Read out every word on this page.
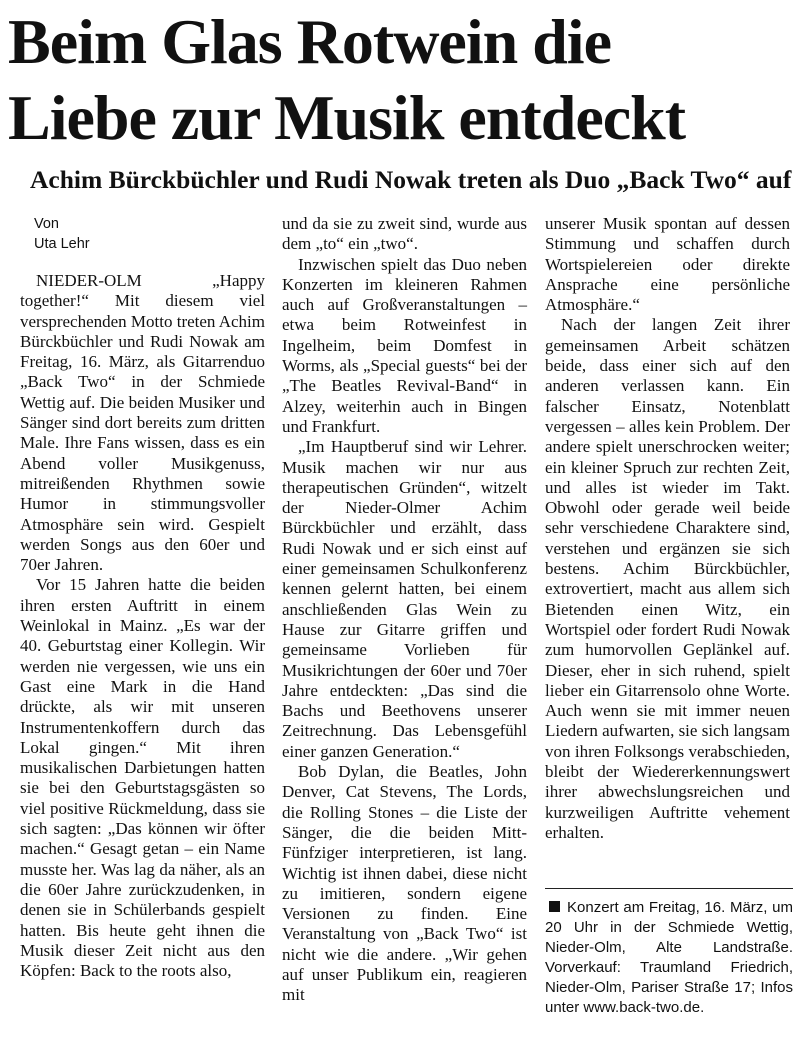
Beim Glas Rotwein die
Liebe zur Musik entdeckt
Achim Bürckbüchler und Rudi Nowak treten als Duo „Back Two“ auf
Von
Uta Lehr

NIEDER-OLM „Happy together!“ Mit diesem viel versprechenden Motto treten Achim Bürckbüchler und Rudi Nowak am Freitag, 16. März, als Gitarrenduo „Back Two“ in der Schmiede Wettig auf. Die beiden Musiker und Sänger sind dort bereits zum dritten Male. Ihre Fans wissen, dass es ein Abend voller Musikgenuss, mitreißenden Rhythmen sowie Humor in stimmungsvoller Atmosphäre sein wird. Gespielt werden Songs aus den 60er und 70er Jahren.

Vor 15 Jahren hatte die beiden ihren ersten Auftritt in einem Weinlokal in Mainz. „Es war der 40. Geburtstag einer Kollegin. Wir werden nie vergessen, wie uns ein Gast eine Mark in die Hand drückte, als wir mit unseren Instrumentenkoffern durch das Lokal gingen.“ Mit ihren musikalischen Darbietungen hatten sie bei den Geburtstagsgästen so viel positive Rückmeldung, dass sie sich sagten: „Das können wir öfter machen.“ Gesagt getan – ein Name musste her. Was lag da näher, als an die 60er Jahre zurückzudenken, in denen sie in Schülerbands gespielt hatten. Bis heute geht ihnen die Musik dieser Zeit nicht aus den Köpfen: Back to the roots also,

und da sie zu zweit sind, wurde aus dem „to“ ein „two“.

Inzwischen spielt das Duo neben Konzerten im kleineren Rahmen auch auf Großveranstaltungen – etwa beim Rotweinfest in Ingelheim, beim Domfest in Worms, als „Special guests“ bei der „The Beatles Revival-Band“ in Alzey, weiterhin auch in Bingen und Frankfurt.

„Im Hauptberuf sind wir Lehrer. Musik machen wir nur aus therapeutischen Gründen“, witzelt der Nieder-Olmer Achim Bürckbüchler und erzählt, dass Rudi Nowak und er sich einst auf einer gemeinsamen Schulkonferenz kennen gelernt hatten, bei einem anschließenden Glas Wein zu Hause zur Gitarre griffen und gemeinsame Vorlieben für Musikrichtungen der 60er und 70er Jahre entdeckten: „Das sind die Bachs und Beethovens unserer Zeitrechnung. Das Lebensgefühl einer ganzen Generation.“

Bob Dylan, die Beatles, John Denver, Cat Stevens, The Lords, die Rolling Stones – die Liste der Sänger, die die beiden Mitt-Fünfziger interpretieren, ist lang. Wichtig ist ihnen dabei, diese nicht zu imitieren, sondern eigene Versionen zu finden. Eine Veranstaltung von „Back Two“ ist nicht wie die andere. „Wir gehen auf unser Publikum ein, reagieren mit

unserer Musik spontan auf dessen Stimmung und schaffen durch Wortspielereien oder direkte Ansprache eine persönliche Atmosphäre.“

Nach der langen Zeit ihrer gemeinsamen Arbeit schätzen beide, dass einer sich auf den anderen verlassen kann. Ein falscher Einsatz, Notenblatt vergessen – alles kein Problem. Der andere spielt unerschrocken weiter; ein kleiner Spruch zur rechten Zeit, und alles ist wieder im Takt. Obwohl oder gerade weil beide sehr verschiedene Charaktere sind, verstehen und ergänzen sie sich bestens. Achim Bürckbüchler, extrovertiert, macht aus allem sich Bietenden einen Witz, ein Wortspiel oder fordert Rudi Nowak zum humorvollen Geplänkel auf. Dieser, eher in sich ruhend, spielt lieber ein Gitarrensolo ohne Worte. Auch wenn sie mit immer neuen Liedern aufwarten, sie sich langsam von ihren Folksongs verabschieden, bleibt der Wiedererkennungswert ihrer abwechslungsreichen und kurzweiligen Auftritte vehement erhalten.

Konzert am Freitag, 16. März, um 20 Uhr in der Schmiede Wettig, Nieder-Olm, Alte Landstraße. Vorverkauf: Traumland Friedrich, Nieder-Olm, Pariser Straße 17; Infos unter www.back-two.de.
